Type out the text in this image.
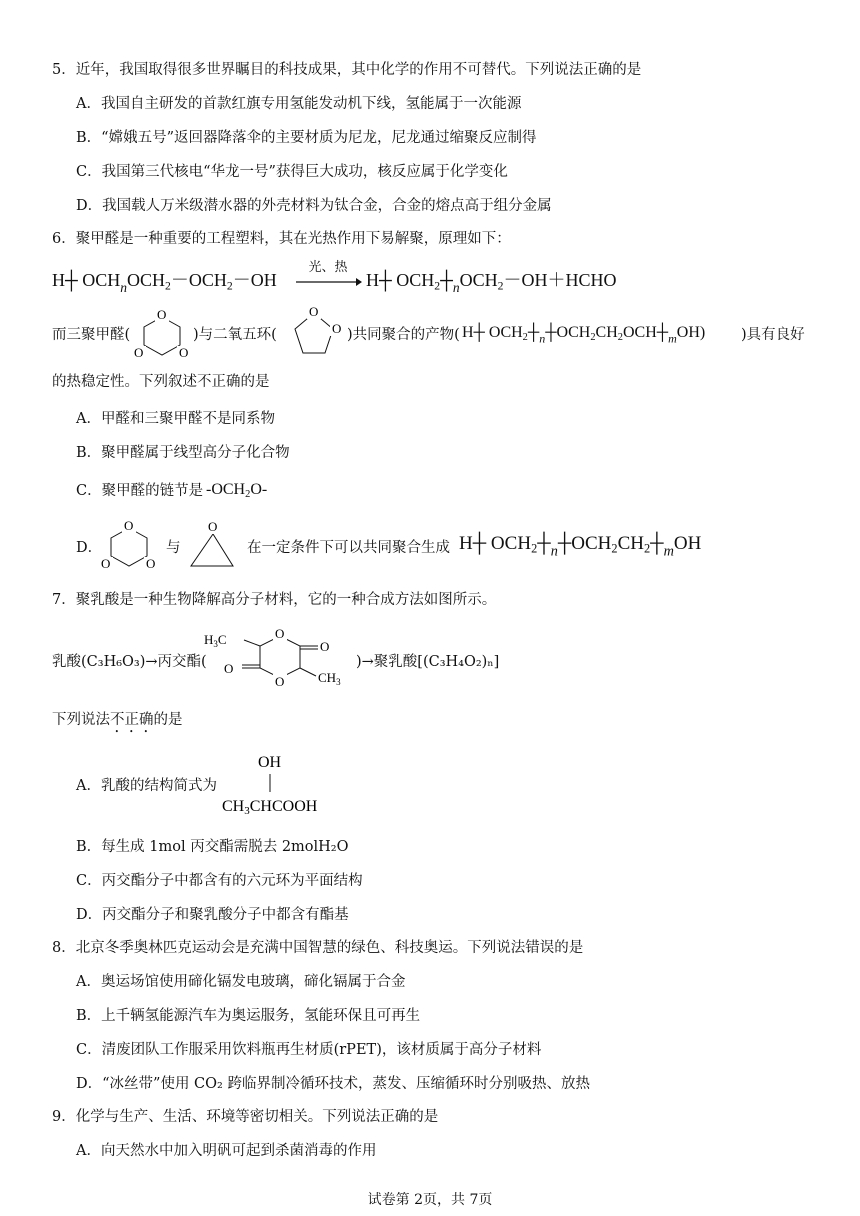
5．近年，我国取得很多世界瞩目的科技成果，其中化学的作用不可替代。下列说法正确的是
A．我国自主研发的首款红旗专用氢能发动机下线，氢能属于一次能源
B．“嫦娥五号”返回器降落伞的主要材质为尼龙，尼龙通过缩聚反应制得
C．我国第三代核电“华龙一号”获得巨大成功，核反应属于化学变化
D．我国载人万米级潜水器的外壳材料为钛合金，合金的熔点高于组分金属
6．聚甲醛是一种重要的工程塑料，其在光热作用下易解聚，原理如下：
H┼ $OCH_nOCH_2-OCH_2-OH$
光、热
H┼ $OCH_2┼_nOCH_2-OH+HCHO$
而三聚甲醛(
O
O	O
)与二氧五环(
O
O )共同聚合的产物( H┼ $OCH_2┼_n┼OCH_2CH_2OCH┼_mOH$) )具有良好
的热稳定性。下列叙述不正确的是
A．甲醛和三聚甲醛不是同系物
B．聚甲醛属于线型高分子化合物
C．聚甲醛的链节是 $-OCH_2O-$
D．
O
O	O
与
O
在一定条件下可以共同聚合生成 H┼ $OCH_2┼_n┼OCH_2CH_2┼_mOH$
7．聚乳酸是一种生物降解高分子材料，它的一种合成方法如图所示。
乳酸(C₃H₆O₃)→丙交酯(
O
O
O
O
$H_3C$
$CH_3$
)→聚乳酸[(C₃H₄O₂)ₙ]
下列说法不正确的是
A．乳酸的结构简式为
OH
CH3CHCOOH
B．每生成 1mol 丙交酯需脱去 2molH₂O
C．丙交酯分子中都含有的六元环为平面结构
D．丙交酯分子和聚乳酸分子中都含有酯基
8．北京冬季奥林匹克运动会是充满中国智慧的绿色、科技奥运。下列说法错误的是
A．奥运场馆使用碲化镉发电玻璃，碲化镉属于合金
B．上千辆氢能源汽车为奥运服务，氢能环保且可再生
C．清废团队工作服采用饮料瓶再生材质(rPET)，该材质属于高分子材料
D．“冰丝带”使用 CO₂ 跨临界制冷循环技术，蒸发、压缩循环时分别吸热、放热
9．化学与生产、生活、环境等密切相关。下列说法正确的是
A．向天然水中加入明矾可起到杀菌消毒的作用
试卷第 2页，共 7页
